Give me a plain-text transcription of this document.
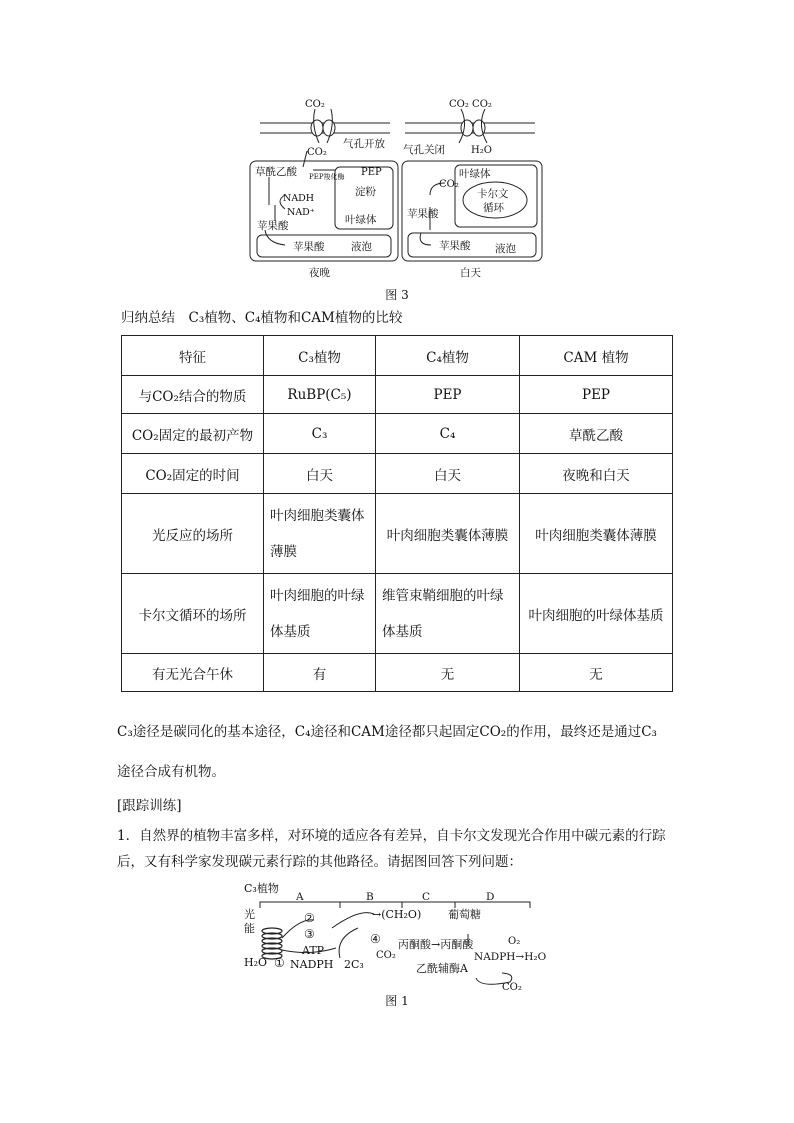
CO₂	CO₂ CO₂
CO₂
气孔开放 气孔关闭	H₂O
草酰乙酸 PEP羧化酶 PEP
NADH
NAD⁺
淀粉
叶绿体
苹果酸
苹果酸	液泡
夜晚
叶绿体
CO₂
卡尔文
循环
苹果酸
苹果酸 液泡
白天
图 3
归纳总结　C₃植物、C₄植物和CAM植物的比较
特征	C₃植物	C₄植物	CAM 植物
与CO₂结合的物质	RuBP(C₅)	PEP	PEP
CO₂固定的最初产物	C₃	C₄	草酰乙酸
CO₂固定的时间	白天	白天	夜晚和白天
光反应的场所	叶肉细胞类囊体薄膜	叶肉细胞类囊体薄膜	叶肉细胞类囊体薄膜
卡尔文循环的场所	叶肉细胞的叶绿体基质	维管束鞘细胞的叶绿体基质	叶肉细胞的叶绿体基质
有无光合午休	有	无	无
C₃途径是碳同化的基本途径，C₄途径和CAM途径都只起固定CO₂的作用，最终还是通过C₃
途径合成有机物。
[跟踪训练]
1．自然界的植物丰富多样，对环境的适应各有差异，自卡尔文发现光合作用中碳元素的行踪
后，又有科学家发现碳元素行踪的其他路径。请据图回答下列问题：
C₃植物
A	B	C	D
光
能
②
③
ATP
H₂O ① NADPH
→(CH₂O) 葡萄糖
④
CO₂
2C₃
丙酮酸→丙酮酸	O₂
NADPH→H₂O
乙酰辅酶A
CO₂
图 1
